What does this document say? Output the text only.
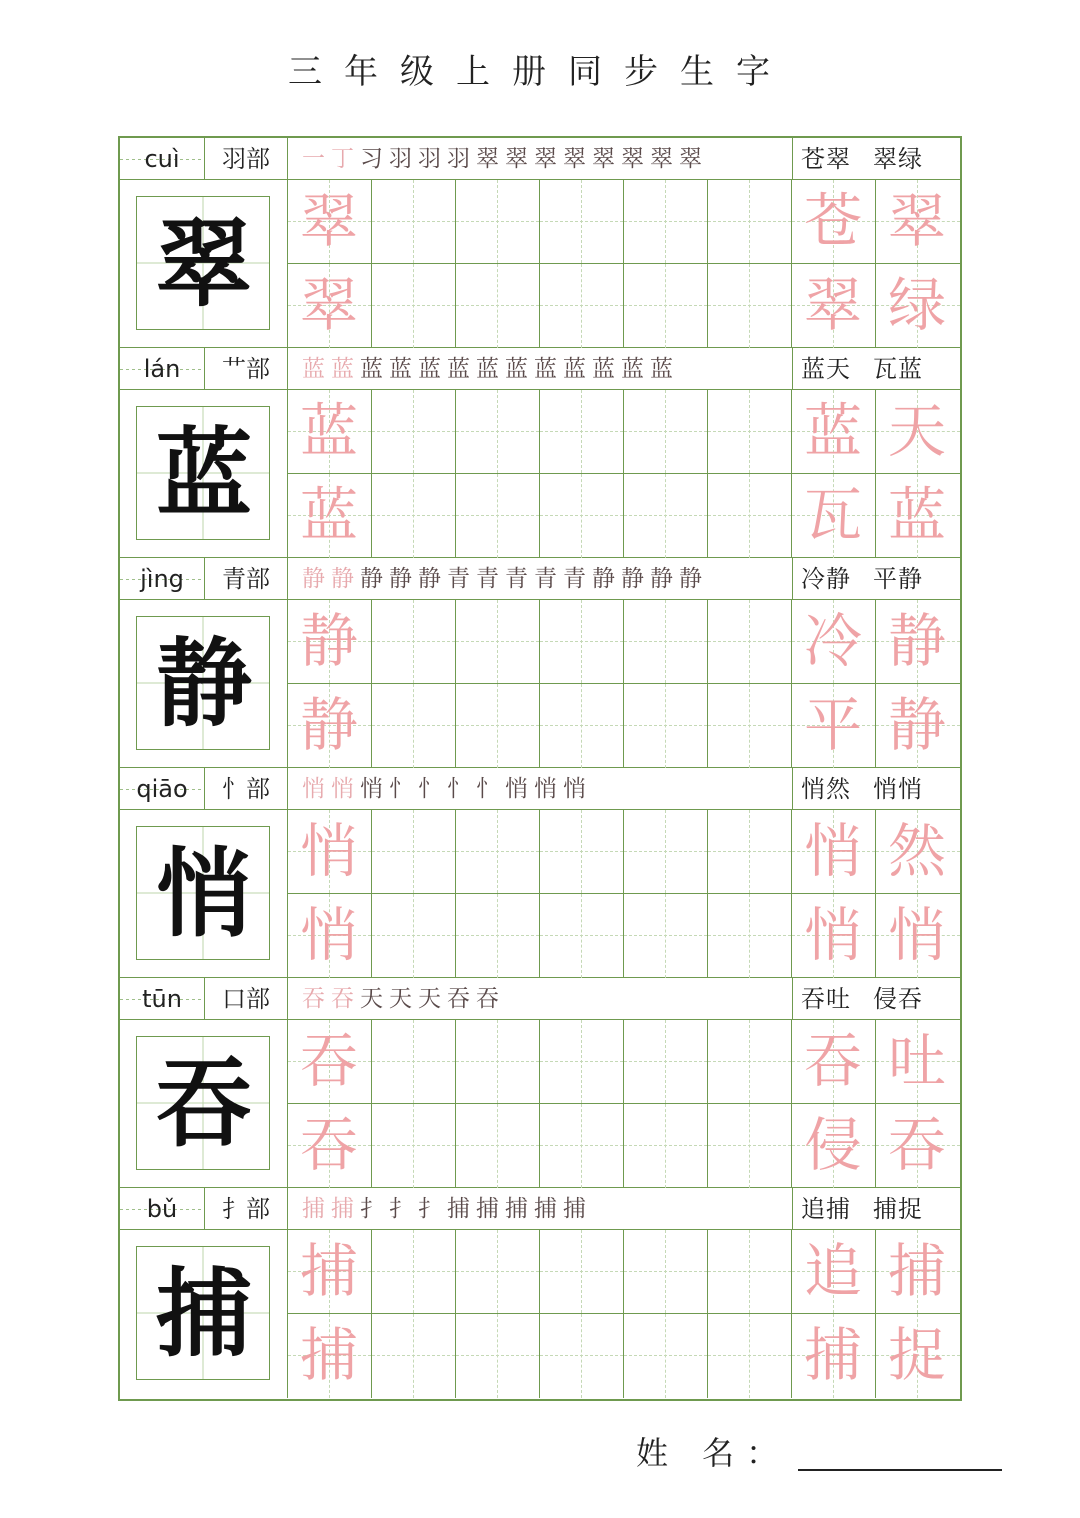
三年级上册同步生字
cuì	羽部	一 丁 习 羽 羽 羽 翠 翠 翠 翠 翠 翠 翠 翠	苍翠 翠绿
翠 翠	苍 翠
翠	翠 绿
lán	艹部	蓝 蓝 蓝 蓝 蓝 蓝 蓝 蓝 蓝 蓝 蓝 蓝 蓝	蓝天 瓦蓝
蓝 蓝	蓝 天
蓝	瓦 蓝
jìng	青部	静 静 静 静 静 青 青 青 青 青 静 静 静 静	冷静 平静
静 静	冷 静
静	平 静
qiāo	忄部	悄 悄 悄 忄 忄 忄 忄 悄 悄 悄	悄然 悄悄
悄 悄	悄 然
悄	悄 悄
tūn	口部	吞 吞 天 天 天 吞 吞	吞吐 侵吞
吞 吞	吞 吐
吞	侵 吞
bǔ	扌部	捕 捕 扌 扌 扌 捕 捕 捕 捕 捕	追捕 捕捉
捕 捕	追 捕
捕	捕 捉
姓 名：
